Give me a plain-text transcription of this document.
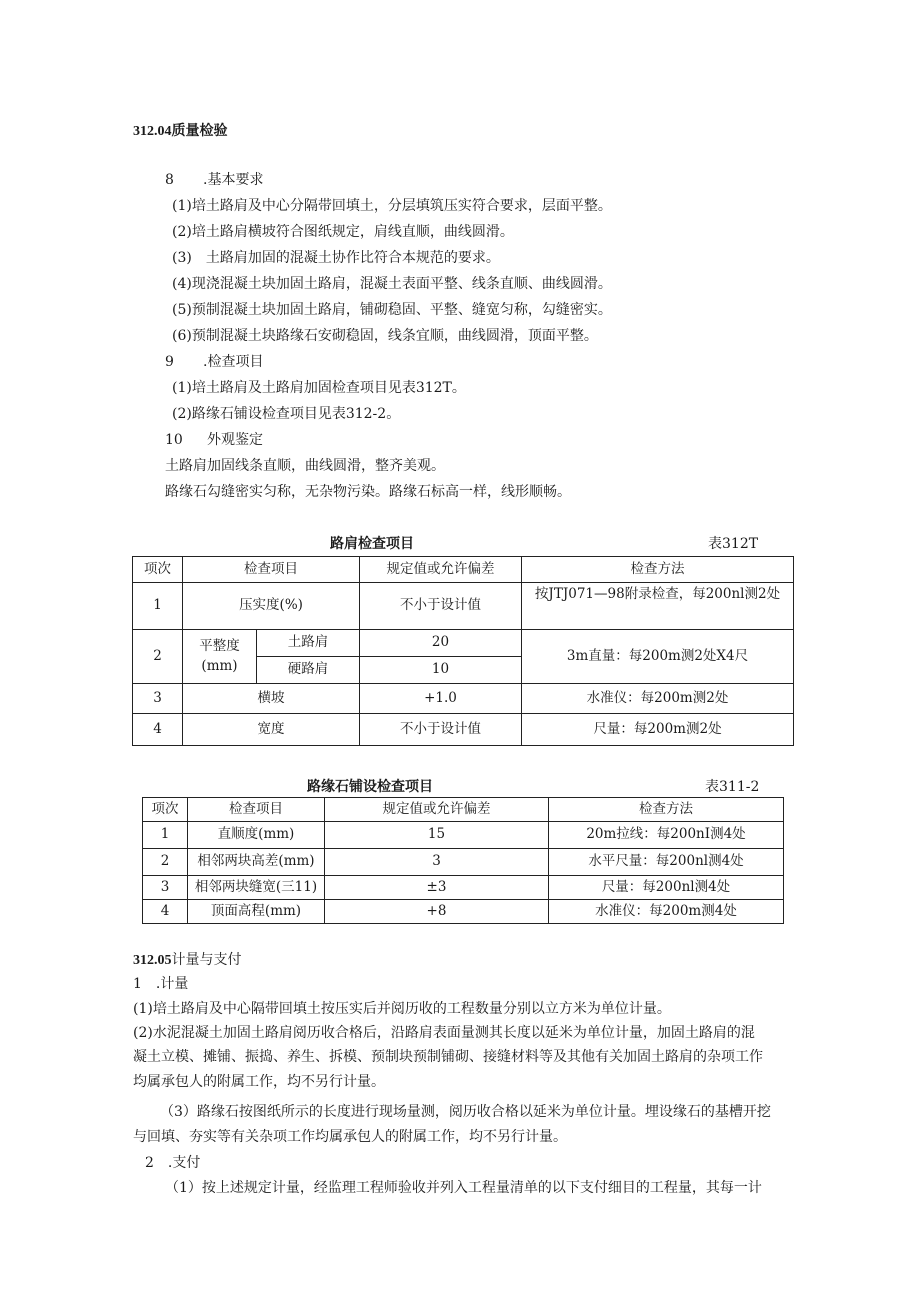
312.04质量检验
8 .基本要求
(1)培土路肩及中心分隔带回填土，分层填筑压实符合要求，层面平整。
(2)培土路肩横坡符合图纸规定，肩线直顺，曲线圆滑。
(3)　土路肩加固的混凝土协作比符合本规范的要求。
(4)现浇混凝土块加固土路肩，混凝土表面平整、线条直顺、曲线圆滑。
(5)预制混凝土块加固土路肩，铺砌稳固、平整、缝宽匀称，勾缝密实。
(6)预制混凝土块路缘石安砌稳固，线条宜顺，曲线圆滑，顶面平整。
9 .检查项目
(1)培土路肩及土路肩加固检查项目见表312T。
(2)路缘石铺设检查项目见表312-2。
10 外观鉴定
土路肩加固线条直顺，曲线圆滑，整齐美观。
路缘石勾缝密实匀称，无杂物污染。路缘石标高一样，线形顺畅。
路肩检查项目	表312T
项次	检查项目		规定值或允许偏差	检查方法
1	压实度(%)		不小于设计值	按JTJ071—98附录检查，每200nl测2处
2	平整度(mm)	土路肩	20	3m直量：每200m测2处X4尺
		硬路肩	10	
3	横坡		+1.0	水准仪：每200m测2处
4	宽度		不小于设计值	尺量：每200m测2处
路缘石铺设检查项目	表311-2
项次	检查项目	规定值或允许偏差	检查方法
1	直顺度(mm)	15	20m拉线：每200nI测4处
2	相邻两块高差(mm)	3	水平尺量：每200nl测4处
3	相邻两块缝宽(三11)	±3	尺量：每200nl测4处
4	顶面高程(mm)	+8	水准仪：每200m测4处
312.05计量与支付
1　.计量
(1)培土路肩及中心隔带回填土按压实后并阅历收的工程数量分别以立方米为单位计量。
(2)水泥混凝土加固土路肩阅历收合格后，沿路肩表面量测其长度以延米为单位计量，加固土路肩的混
凝土立模、摊铺、振捣、养生、拆模、预制块预制铺砌、接缝材料等及其他有关加固土路肩的杂项工作
均属承包人的附属工作，均不另行计量。
（3）路缘石按图纸所示的长度进行现场量测，阅历收合格以延米为单位计量。埋设缘石的基槽开挖
与回填、夯实等有关杂项工作均属承包人的附属工作，均不另行计量。
2　.支付
（1）按上述规定计量，经监理工程师验收并列入工程量清单的以下支付细目的工程量，其每一计
